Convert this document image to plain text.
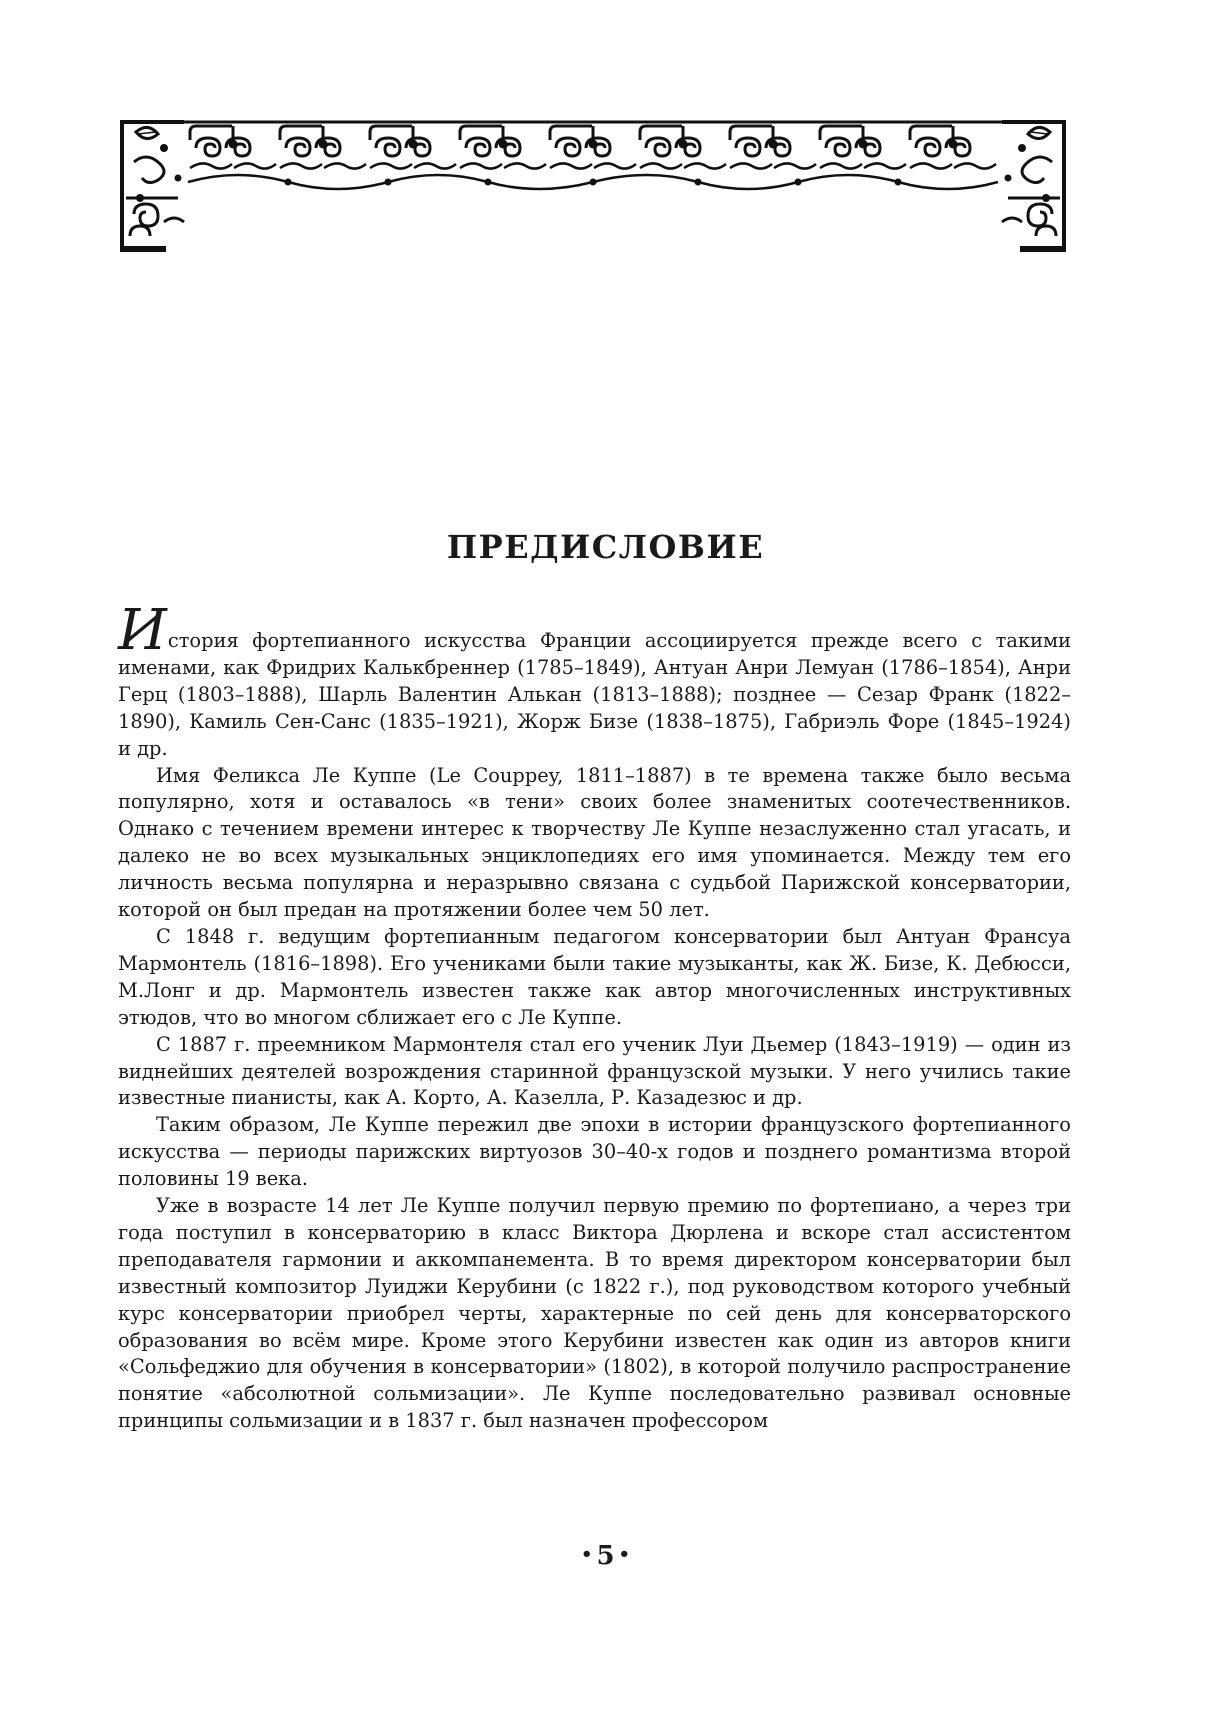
ПРЕДИСЛОВИЕ

История фортепианного искусства Франции ассоциируется прежде всего с такими именами, как Фридрих Калькбреннер (1785–1849), Антуан Анри Лемуан (1786–1854), Анри Герц (1803–1888), Шарль Валентин Алькан (1813–1888); позднее — Сезар Франк (1822–1890), Камиль Сен-Санс (1835–1921), Жорж Бизе (1838–1875), Габриэль Форе (1845–1924) и др.

Имя Феликса Ле Куппе (Le Couppey, 1811–1887) в те времена также было весьма популярно, хотя и оставалось «в тени» своих более знаменитых соотечественников. Однако с течением времени интерес к творчеству Ле Куппе незаслуженно стал угасать, и далеко не во всех музыкальных энциклопедиях его имя упоминается. Между тем его личность весьма популярна и неразрывно связана с судьбой Парижской консерватории, которой он был предан на протяжении более чем 50 лет.

С 1848 г. ведущим фортепианным педагогом консерватории был Антуан Франсуа Мармонтель (1816–1898). Его учениками были такие музыканты, как Ж. Бизе, К. Дебюсси, М.Лонг и др. Мармонтель известен также как автор многочисленных инструктивных этюдов, что во многом сближает его с Ле Куппе.

С 1887 г. преемником Мармонтеля стал его ученик Луи Дьемер (1843–1919) — один из виднейших деятелей возрождения старинной французской музыки. У него учились такие известные пианисты, как А. Корто, А. Казелла, Р. Казадезюс и др.

Таким образом, Ле Куппе пережил две эпохи в истории французского фортепианного искусства — периоды парижских виртуозов 30–40-х годов и позднего романтизма второй половины 19 века.

Уже в возрасте 14 лет Ле Куппе получил первую премию по фортепиано, а через три года поступил в консерваторию в класс Виктора Дюрлена и вскоре стал ассистентом преподавателя гармонии и аккомпанемента. В то время директором консерватории был известный композитор Луиджи Керубини (с 1822 г.), под руководством которого учебный курс консерватории приобрел черты, характерные по сей день для консерваторского образования во всём мире. Кроме этого Керубини известен как один из авторов книги «Сольфеджио для обучения в консерватории» (1802), в которой получило распространение понятие «абсолютной сольмизации». Ле Куппе последовательно развивал основные принципы сольмизации и в 1837 г. был назначен профессором

• 5 •
